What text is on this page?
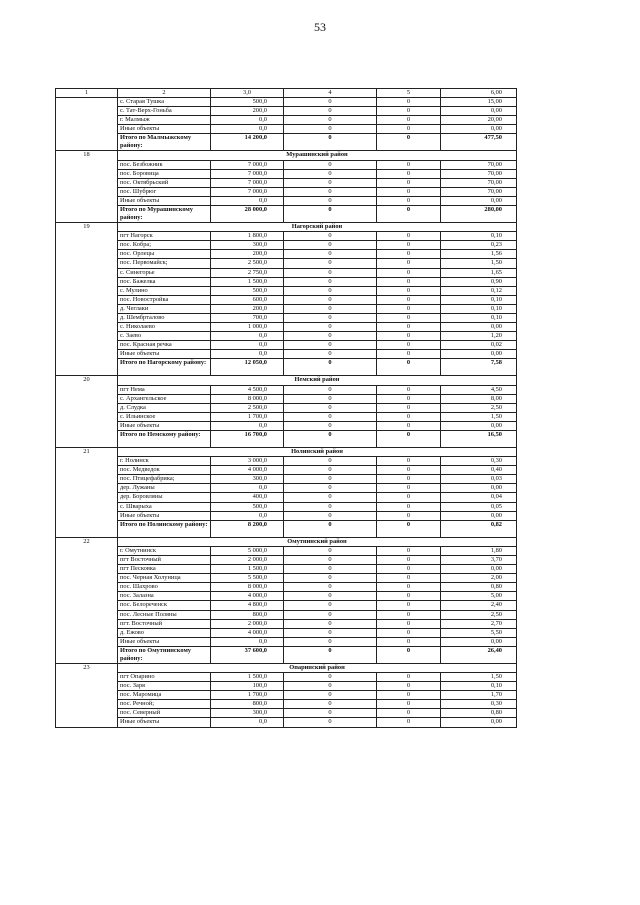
53
1	2	3,0	4	5	6,00
	с. Старая Тушка	500,0	0	0	15,00
	с. Тат-Верх-Гоньба	200,0	0	0	0,00
	г. Малмыж	0,0	0	0	20,00
	Иные объекты	0,0	0	0	0,00
	Итого по Малмыжскому району:	14 200,0	0	0	477,50
18	Мурашинский район				
	пос. Безбожник	7 000,0	0	0	70,00
	пос. Боровица	7 000,0	0	0	70,00
	пос. Октябрьский	7 000,0	0	0	70,00
	пос. Шубрюг	7 000,0	0	0	70,00
	Иные объекты	0,0	0	0	0,00
	Итого по Мурашинскому району:	28 000,0	0	0	280,00
19	Нагорский район				
	пгт Нагорск	1 800,0	0	0	0,10
	пос. Кобра;	300,0	0	0	0,23
	пос. Орлецы	200,0	0	0	1,56
	пос. Первомайск;	2 500,0	0	0	1,50
	с. Синегорье	2 750,0	0	0	1,65
	пос. Бажелка	1 500,0	0	0	0,90
	с. Мулино	500,0	0	0	0,12
	пос. Новостройка	600,0	0	0	0,10
	д. Чеглаки	200,0	0	0	0,10
	д. Шембрталово	700,0	0	0	0,10
	с. Николаево	1 000,0	0	0	0,00
	с. Заево	0,0	0	0	1,20
	пос. Красная речка	0,0	0	0	0,02
	Иные объекты	0,0	0	0	0,00
	Итого по Нагорскому району:	12 050,0	0	0	7,58
20	Немский район				
	пгт Нема	4 500,0	0	0	4,50
	с. Архангельское	8 000,0	0	0	8,00
	д. Слудка	2 500,0	0	0	2,50
	с. Ильинское	1 700,0	0	0	1,50
	Иные объекты	0,0	0	0	0,00
	Итого по Немскому району:	16 700,0	0	0	16,50
21	Нолинский район				
	г. Нолинск	3 000,0	0	0	0,30
	пос. Медведок	4 000,0	0	0	0,40
	пос. Птицефабрика;	300,0	0	0	0,03
	дер. Лужаны	0,0	0	0	0,00
	дер. Боровляны	400,0	0	0	0,04
	с. Шварыха	500,0	0	0	0,05
	Иные объекты	0,0	0	0	0,00
	Итого по Нолинскому району:	8 200,0	0	0	0,82
22	Омутнинский район				
	г. Омутнинск	5 000,0	0	0	1,80
	пгт Восточный	2 000,0	0	0	3,70
	пгт Песковка	1 500,0	0	0	0,00
	пос. Черная Холуница	5 500,0	0	0	2,00
	пос. Шахрово	8 000,0	0	0	0,80
	пос. Залазна	4 000,0	0	0	5,00
	пос. Белореченск	4 800,0	0	0	2,40
	пос. Лесные Поляны	800,0	0	0	2,50
	пгт. Восточный	2 000,0	0	0	2,70
	д. Ежово	4 000,0	0	0	5,50
	Иные объекты	0,0	0	0	0,00
	Итого по Омутнинскому району:	37 600,0	0	0	26,40
23	Опаринский район				
	пгт Опарино	1 500,0	0	0	1,50
	пос. Заря	100,0	0	0	0,10
	пос. Маромица	1 700,0	0	0	1,70
	пос. Речной;	800,0	0	0	0,30
	пос. Северный	300,0	0	0	0,80
	Иные объекты	0,0	0	0	0,00
